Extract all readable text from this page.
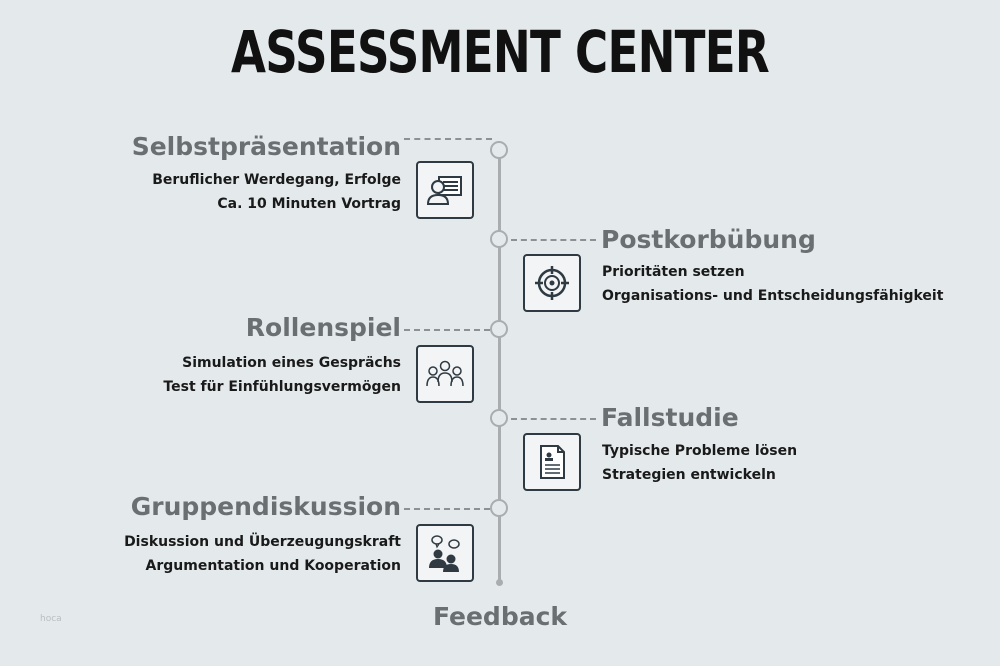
ASSESSMENT CENTER
Selbstpräsentation
Beruflicher Werdegang, Erfolge
Ca. 10 Minuten Vortrag
Postkorbübung
Prioritäten setzen
Organisations- und Entscheidungsfähigkeit
Rollenspiel
Simulation eines Gesprächs
Test für Einfühlungsvermögen
Fallstudie
Typische Probleme lösen
Strategien entwickeln
Gruppendiskussion
Diskussion und Überzeugungskraft
Argumentation und Kooperation
Feedback
hoca
